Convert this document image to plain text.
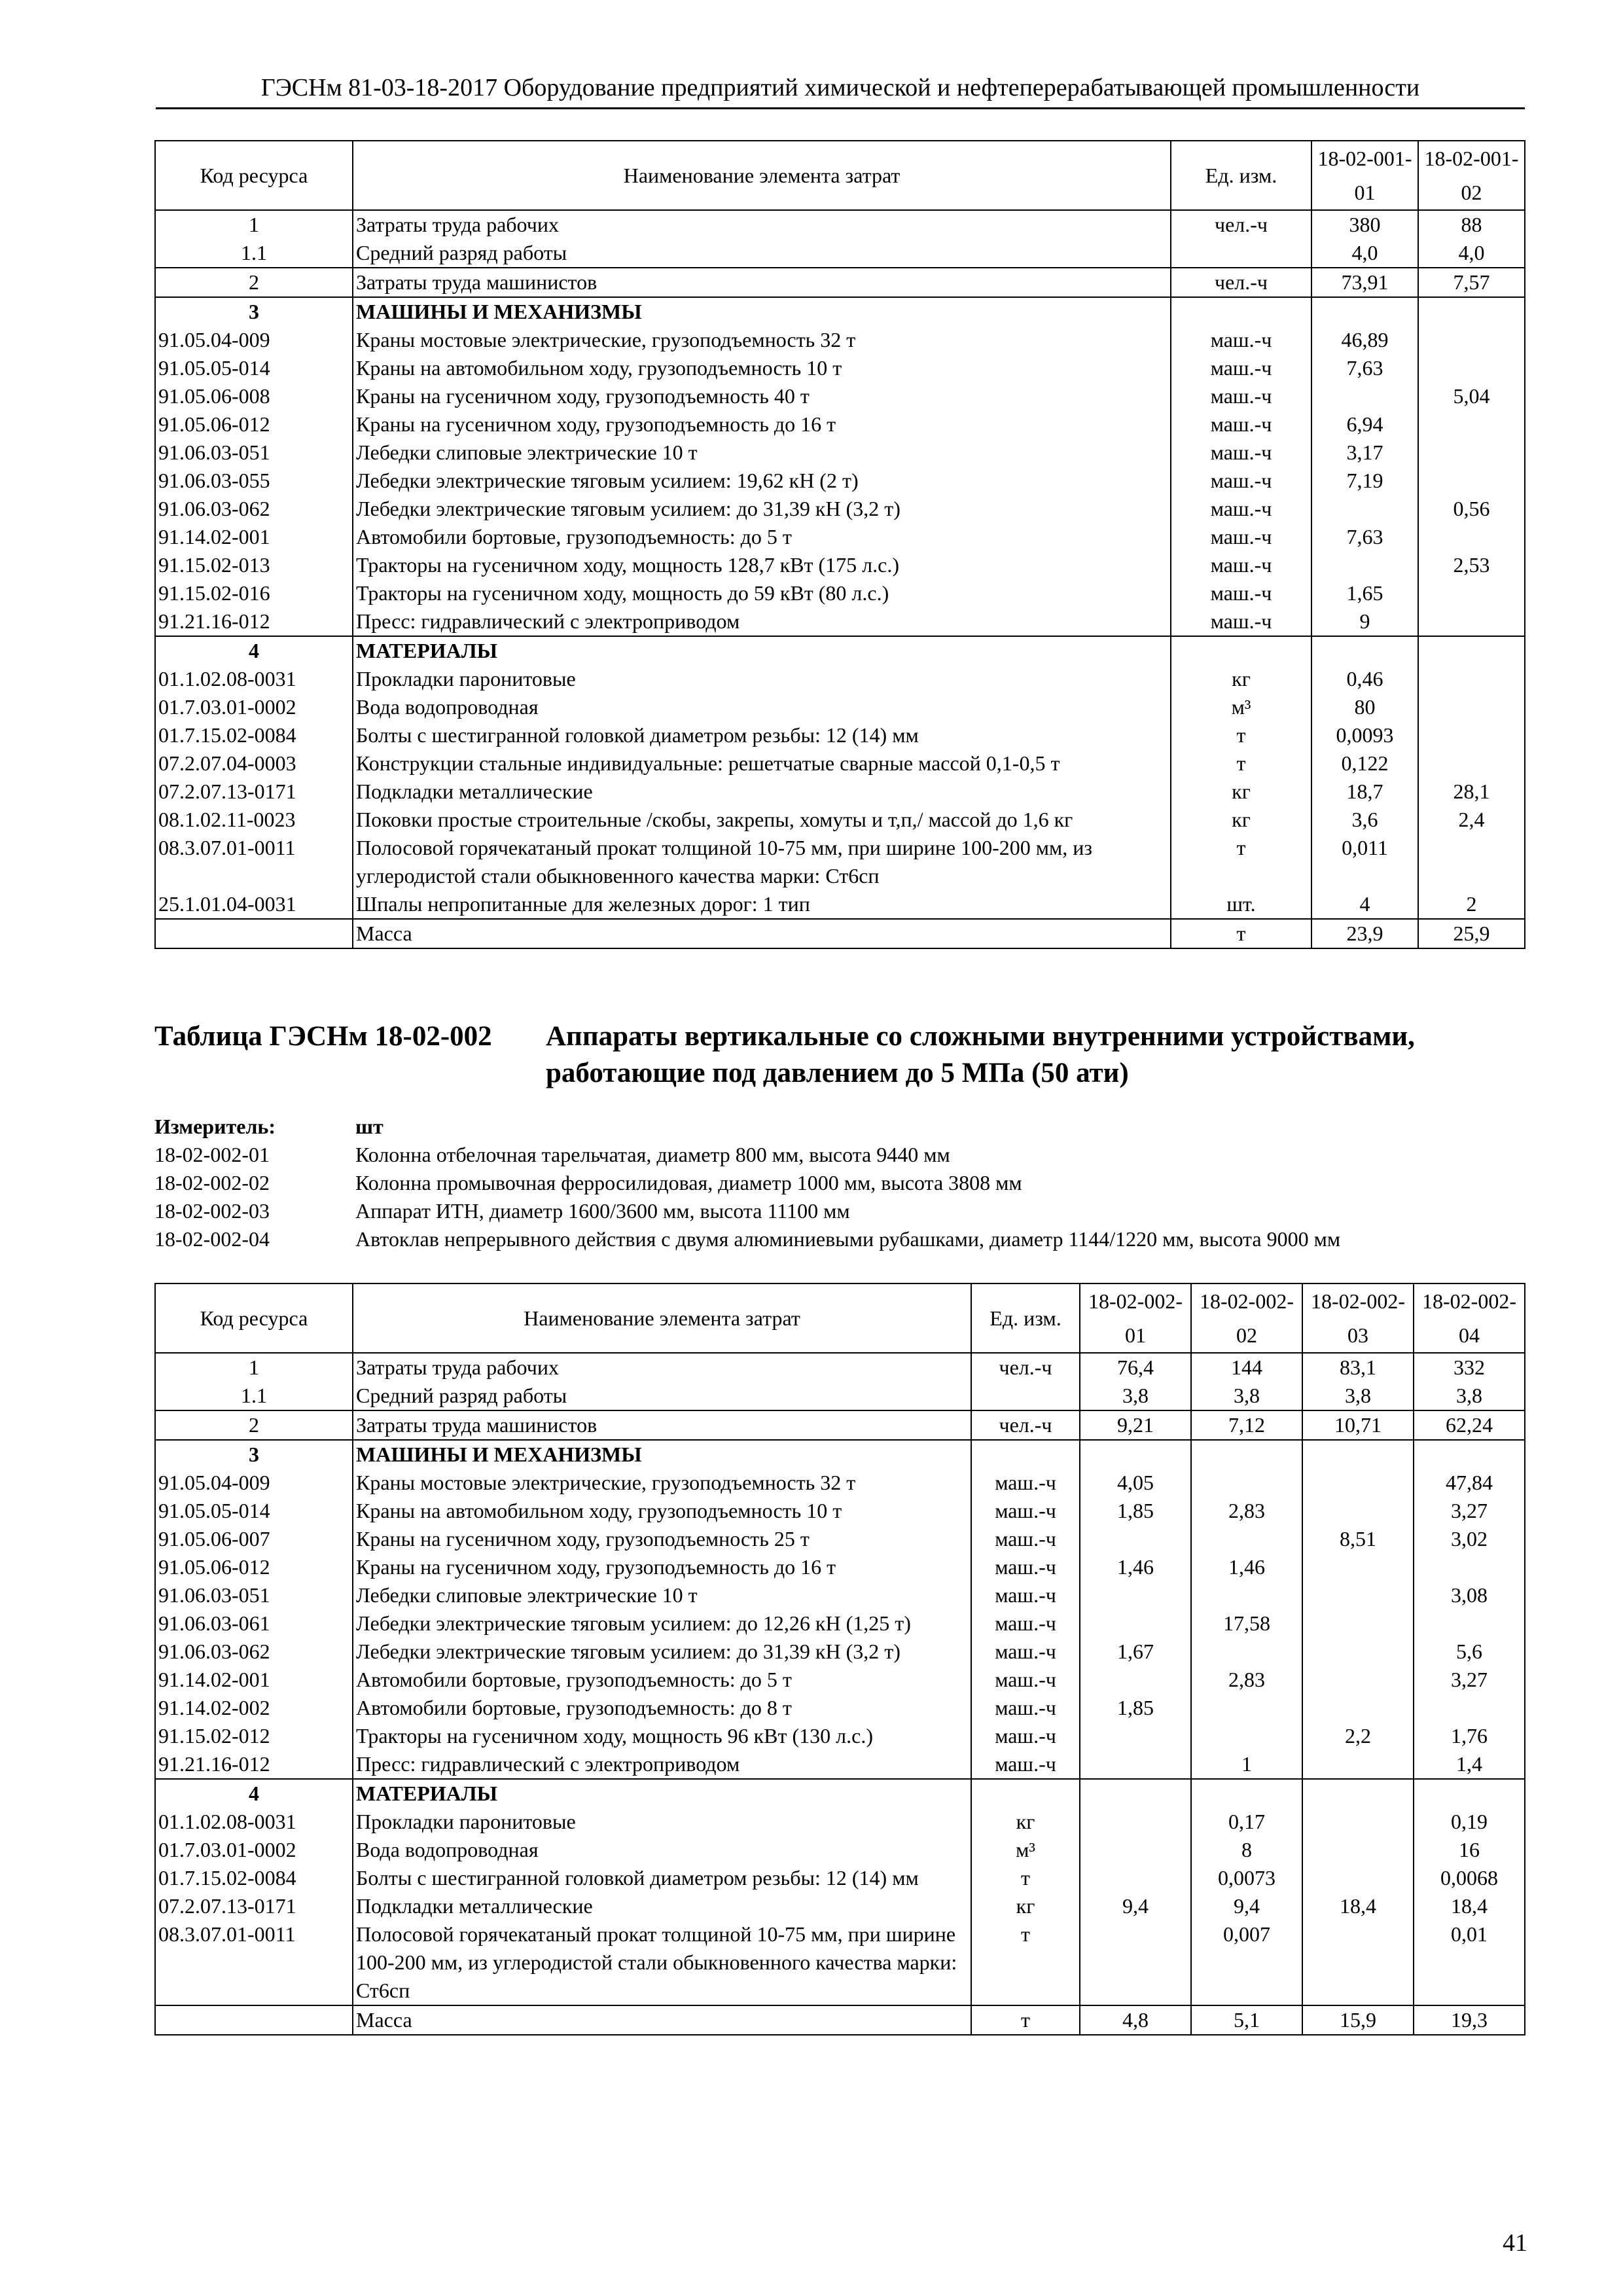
ГЭСНм 81-03-18-2017 Оборудование предприятий химической и нефтеперерабатывающей промышленности
Код ресурса	Наименование элемента затрат	Ед. изм.	18-02-001-01	18-02-001-02
1	Затраты труда рабочих	чел.-ч	380	88
1.1	Средний разряд работы		4,0	4,0
2	Затраты труда машинистов	чел.-ч	73,91	7,57
3	МАШИНЫ И МЕХАНИЗМЫ			
91.05.04-009	Краны мостовые электрические, грузоподъемность 32 т	маш.-ч	46,89	
91.05.05-014	Краны на автомобильном ходу, грузоподъемность 10 т	маш.-ч	7,63	
91.05.06-008	Краны на гусеничном ходу, грузоподъемность 40 т	маш.-ч		5,04
91.05.06-012	Краны на гусеничном ходу, грузоподъемность до 16 т	маш.-ч	6,94	
91.06.03-051	Лебедки слиповые электрические 10 т	маш.-ч	3,17	
91.06.03-055	Лебедки электрические тяговым усилием: 19,62 кН (2 т)	маш.-ч	7,19	
91.06.03-062	Лебедки электрические тяговым усилием: до 31,39 кН (3,2 т)	маш.-ч		0,56
91.14.02-001	Автомобили бортовые, грузоподъемность: до 5 т	маш.-ч	7,63	
91.15.02-013	Тракторы на гусеничном ходу, мощность 128,7 кВт (175 л.с.)	маш.-ч		2,53
91.15.02-016	Тракторы на гусеничном ходу, мощность до 59 кВт (80 л.с.)	маш.-ч	1,65	
91.21.16-012	Пресс: гидравлический с электроприводом	маш.-ч	9	
4	МАТЕРИАЛЫ			
01.1.02.08-0031	Прокладки паронитовые	кг	0,46	
01.7.03.01-0002	Вода водопроводная	м³	80	
01.7.15.02-0084	Болты с шестигранной головкой диаметром резьбы: 12 (14) мм	т	0,0093	
07.2.07.04-0003	Конструкции стальные индивидуальные: решетчатые сварные массой 0,1-0,5 т	т	0,122	
07.2.07.13-0171	Подкладки металлические	кг	18,7	28,1
08.1.02.11-0023	Поковки простые строительные /скобы, закрепы, хомуты и т,п,/ массой до 1,6 кг	кг	3,6	2,4
08.3.07.01-0011	Полосовой горячекатаный прокат толщиной 10-75 мм, при ширине 100-200 мм, из углеродистой стали обыкновенного качества марки: Ст6сп	т	0,011	
25.1.01.04-0031	Шпалы непропитанные для железных дорог: 1 тип	шт.	4	2
	Масса	т	23,9	25,9
Таблица ГЭСНм 18-02-002 Аппараты вертикальные со сложными внутренними устройствами, работающие под давлением до 5 МПа (50 ати)
Измеритель:	шт
18-02-002-01	Колонна отбелочная тарельчатая, диаметр 800 мм, высота 9440 мм
18-02-002-02	Колонна промывочная ферросилидовая, диаметр 1000 мм, высота 3808 мм
18-02-002-03	Аппарат ИТН, диаметр 1600/3600 мм, высота 11100 мм
18-02-002-04	Автоклав непрерывного действия с двумя алюминиевыми рубашками, диаметр 1144/1220 мм, высота 9000 мм
Код ресурса	Наименование элемента затрат	Ед. изм.	18-02-002-01	18-02-002-02	18-02-002-03	18-02-002-04
1	Затраты труда рабочих	чел.-ч	76,4	144	83,1	332
1.1	Средний разряд работы		3,8	3,8	3,8	3,8
2	Затраты труда машинистов	чел.-ч	9,21	7,12	10,71	62,24
3	МАШИНЫ И МЕХАНИЗМЫ					
91.05.04-009	Краны мостовые электрические, грузоподъемность 32 т	маш.-ч	4,05			47,84
91.05.05-014	Краны на автомобильном ходу, грузоподъемность 10 т	маш.-ч	1,85	2,83		3,27
91.05.06-007	Краны на гусеничном ходу, грузоподъемность 25 т	маш.-ч			8,51	3,02
91.05.06-012	Краны на гусеничном ходу, грузоподъемность до 16 т	маш.-ч	1,46	1,46		
91.06.03-051	Лебедки слиповые электрические 10 т	маш.-ч				3,08
91.06.03-061	Лебедки электрические тяговым усилием: до 12,26 кН (1,25 т)	маш.-ч		17,58		
91.06.03-062	Лебедки электрические тяговым усилием: до 31,39 кН (3,2 т)	маш.-ч	1,67			5,6
91.14.02-001	Автомобили бортовые, грузоподъемность: до 5 т	маш.-ч		2,83		3,27
91.14.02-002	Автомобили бортовые, грузоподъемность: до 8 т	маш.-ч	1,85			
91.15.02-012	Тракторы на гусеничном ходу, мощность 96 кВт (130 л.с.)	маш.-ч			2,2	1,76
91.21.16-012	Пресс: гидравлический с электроприводом	маш.-ч		1		1,4
4	МАТЕРИАЛЫ					
01.1.02.08-0031	Прокладки паронитовые	кг		0,17		0,19
01.7.03.01-0002	Вода водопроводная	м³		8		16
01.7.15.02-0084	Болты с шестигранной головкой диаметром резьбы: 12 (14) мм	т		0,0073		0,0068
07.2.07.13-0171	Подкладки металлические	кг	9,4	9,4	18,4	18,4
08.3.07.01-0011	Полосовой горячекатаный прокат толщиной 10-75 мм, при ширине 100-200 мм, из углеродистой стали обыкновенного качества марки: Ст6сп	т		0,007		0,01
	Масса	т	4,8	5,1	15,9	19,3
41
